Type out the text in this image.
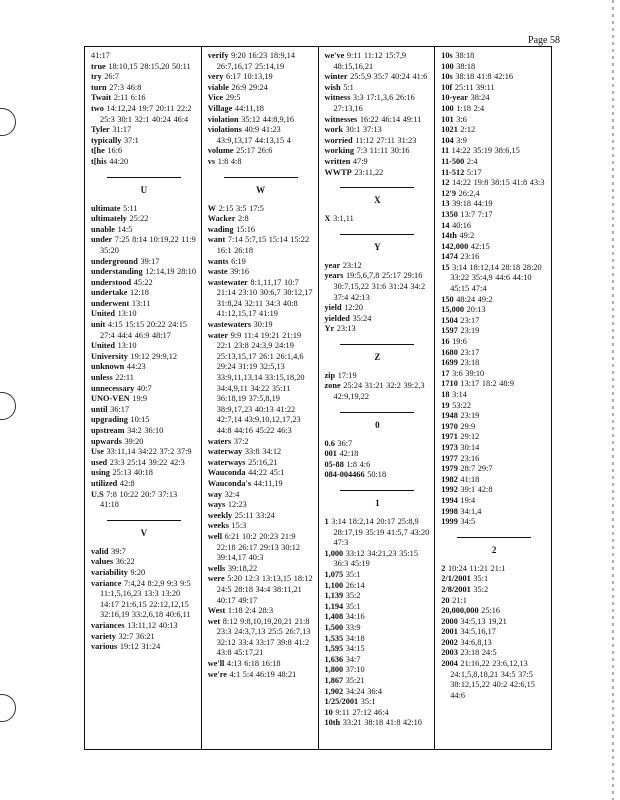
Page 58
41:17
true 18:10,15 28:15,20 50:11
try 26:7
turn 27:3 46:8
Twait 2:11 6:16
two 14:12,24 19:7 20:11 22:2 25:3 30:1 32:1 40:24 46:4
Tyler 31:17
typically 37:1
t[he 16:6
t[his 44:20
U
ultimate 5:11
ultimately 25:22
unable 14:5
under 7:25 8:14 10:19,22 11:9 35:20
underground 39:17
understanding 12:14,19 28:10
understood 45:22
undertake 12:18
underwent 13:11
United 13:10
unit 4:15 15:15 20:22 24:15 27:4 44:4 46:9 48:17
United 13:10
University 19:12 29:9,12
unknown 44:23
unless 22:11
unnecessary 40:7
UNO-VEN 19:9
until 36:17
upgrading 10:15
upstream 34:2 36:10
upwards 39:20
Use 33:11,14 34:22 37:2 37:9
used 23:3 25:14 39:22 42:3
using 25:13 40:18
utilized 42:8
U.S 7:8 10:22 20:7 37:13 41:18
V
valid 39:7
values 36:22
variability 9:20
variance 7:4,24 8:2,9 9:3 9:5 11:1,5,16,23 13:3 13:20 14:17 21:6,15 22:12,12,15 32:16,19 33:2,6,18 40:6,11
variances 13:11,12 40:13
variety 32:7 36:21
various 19:12 31:24
verify 9:20 16:23 18:9,14 26:7,16,17 25:14,19
very 6:17 10:13,19
viable 26:9 29:24
Vice 29:5
Village 44:11,18
violation 35:12 44:8,9,16
violations 40:9 41:23 43:9,13,17 44:13,15 4
volume 25:17 26:6
vs 1:8 4:8
W
W 2:15 3:5 17:5
Wacker 2:8
wading 15:16
want 7:14 5:7,15 15:14 15:22 16:1 26:18
wants 6:19
waste 39:16
wastewater 8:1,11,17 10:7 21:14 23:10 30:6,7 30:12,17 31:8,24 32:11 34:3 40:8 41:12,15,17 41:19
wastewaters 30:19
water 9:9 11:4 19:21 21:19 22:1 23:8 24:3,9 24:19 25:13,15,17 26:1 26:1,4,6 29:24 31:19 32:5,13 33:9,11,13,14 33:15,18,20 34:4,9,11 34:22 35:11 36:18,19 37:5,8,19 38:9,17,23 40:13 41:22 42:7,14 43:9,10,12,17,23 44:8 44:16 45:22 46:3
waters 37:2
waterway 33:8 34:12
waterways 25:16,21
Wauconda 44:22 45:1
Wauconda's 44:11,19
way 32:4
ways 12:23
weekly 25:11 33:24
weeks 15:3
well 6:21 10:2 20:23 21:9 22:18 26:17 29:13 30:12 39:14,17 40:3
wells 39:18,22
were 5:20 12:3 13:13,15 18:12 24:5 28:18 34:4 38:11,21 40:17 49:17
West 1:18 2:4 28:3
wet 8:12 9:8,10,19,20,21 21:8 23:3 24:3,7,13 25:5 26:7,13 32:12 33:4 33:17 39:8 41:2 43:8 45:17,21
we'll 4:13 6:18 16:18
we're 4:1 5:4 46:19 48:21
we've 9:11 11:12 15:7,9 48:15,16,21
winter 25:5,9 35:7 40:24 41:6
wish 5:1
witness 3:3 17:1,3,6 26:16 27:13,16
witnesses 16:22 46:14 49:11
work 30:1 37:13
worried 11:12 27:11 31:23
working 7:3 11:11 30:16
written 47:9
WWTP 23:11,22
X
X 3:1,11
Y
year 23:12
years 19:5,6,7,8 25:17 29:16 30:7,15,22 31:6 31:24 34:2 37:4 42:13
yield 12:20
yielded 35:24
Yr 23:13
Z
zip 17:19
zone 25:24 31:21 32:2 39:2,3 42:9,19,22
0
0.6 36:7
001 42:18
05-88 1:8 4:6
084-004466 50:18
1
1 3:14 18:2,14 20:17 25:8,9 28:17,19 35:19 41:5,7 43:20 47:3
1,000 33:12 34:21,23 35:15 36:3 45:19
1,075 35:1
1,100 26:14
1,139 35:2
1,194 35:1
1,408 34:16
1,500 33:9
1,535 34:18
1,595 34:15
1,636 34:7
1,800 37:10
1,867 35:21
1,902 34:24 36:4
1/25/2001 35:1
10 9:11 27:12 46:4
10th 33:21 38:18 41:8 42:10
10s 38:18
100 38:18
10s 38:18 41:8 42:16
10f 25:11 39:11
10-year 38:24
100 1:18 2:4
101 3:6
1021 2:12
104 3:9
11 14:22 35:19 38:6,15
11-500 2:4
11-512 5:17
12 14:22 19:8 38:15 41:8 43:3
12'9 26:2,4
13 39:18 44:19
1350 13:7 7:17
14 40:16
14th 49:2
142,000 42:15
1474 23:16
15 3:14 18:12,14 28:18 28:20 33:22 35:4,9 44:6 44:10 45:15 47:4
150 48:24 49:2
15,000 20:13
1504 23:17
1597 23:19
16 19:6
1680 23:17
1699 23:18
17 3:6 39:10
1710 13:17 18:2 48:9
18 3:14
19 53:22
1948 23:19
1970 29:9
1971 29:12
1973 30:14
1977 23:16
1979 28:7 29:7
1982 41:18
1992 39:1 42:8
1994 19:4
1998 34:1,4
1999 34:5
2
2 10:24 11:21 21:1
2/1/2001 35:1
2/8/2001 35:2
20 21:1
20,000,000 25:16
2000 34:5,13 19,21
2001 34:5,16,17
2002 34:6,8,13
2003 23:18 24:5
2004 21:16,22 23:6,12,13 24:1,5,8,18,21 34:5 37:5 38:12,15,22 40:2 42:6,15 44:6
